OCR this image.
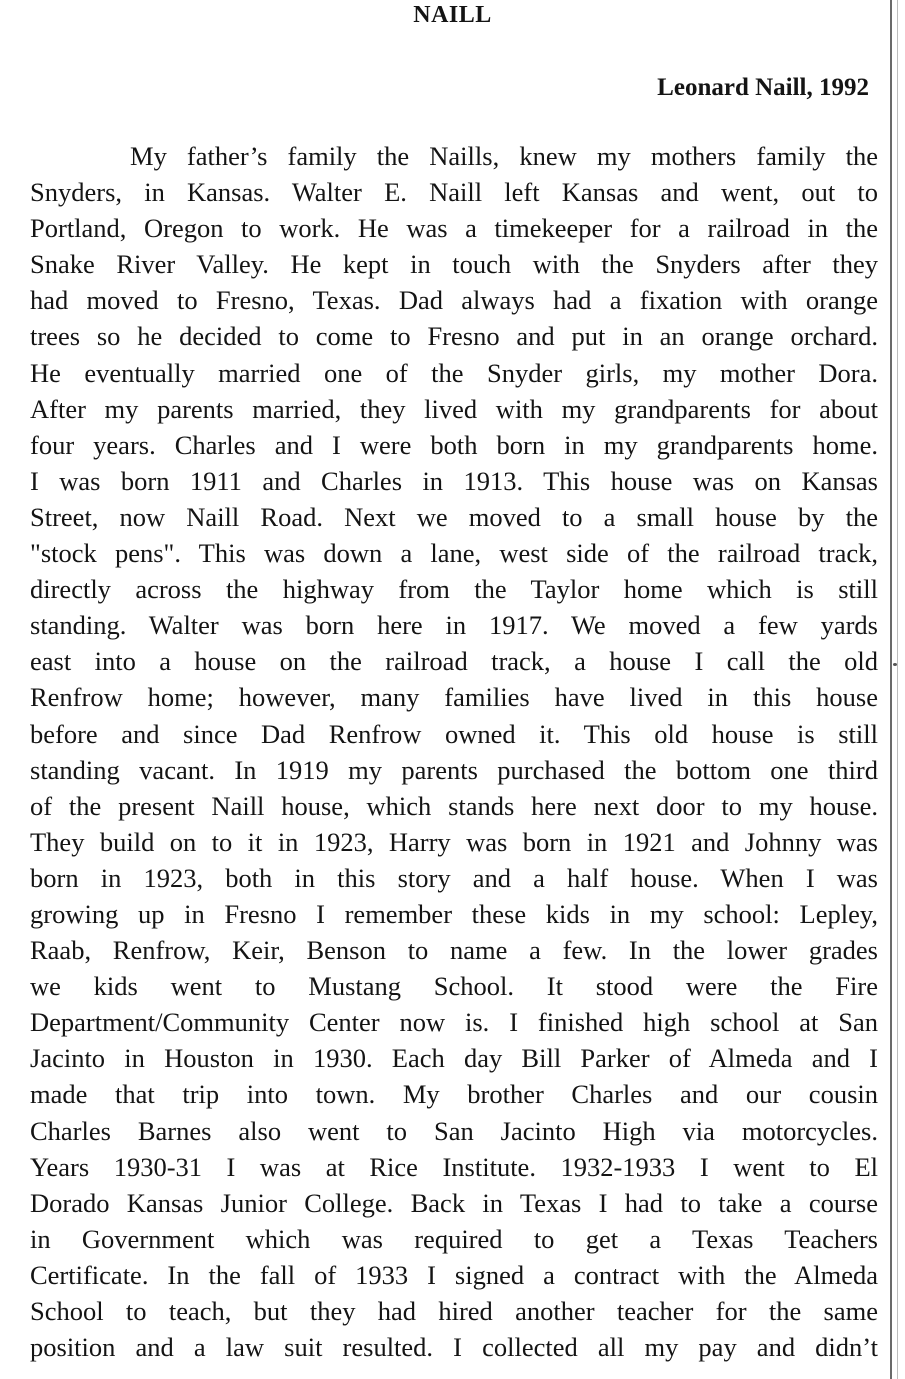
NAILL
Leonard Naill, 1992
My father’s family the Naills, knew my mothers family the
Snyders, in Kansas. Walter E. Naill left Kansas and went, out to
Portland, Oregon to work. He was a timekeeper for a railroad in the
Snake River Valley. He kept in touch with the Snyders after they
had moved to Fresno, Texas. Dad always had a fixation with orange
trees so he decided to come to Fresno and put in an orange orchard.
He eventually married one of the Snyder girls, my mother Dora.
After my parents married, they lived with my grandparents for about
four years. Charles and I were both born in my grandparents home.
I was born 1911 and Charles in 1913. This house was on Kansas
Street, now Naill Road. Next we moved to a small house by the
"stock pens". This was down a lane, west side of the railroad track,
directly across the highway from the Taylor home which is still
standing. Walter was born here in 1917. We moved a few yards
east into a house on the railroad track, a house I call the old
Renfrow home; however, many families have lived in this house
before and since Dad Renfrow owned it. This old house is still
standing vacant. In 1919 my parents purchased the bottom one third
of the present Naill house, which stands here next door to my house.
They build on to it in 1923, Harry was born in 1921 and Johnny was
born in 1923, both in this story and a half house. When I was
growing up in Fresno I remember these kids in my school: Lepley,
Raab, Renfrow, Keir, Benson to name a few. In the lower grades
we kids went to Mustang School. It stood were the Fire
Department/Community Center now is. I finished high school at San
Jacinto in Houston in 1930. Each day Bill Parker of Almeda and I
made that trip into town. My brother Charles and our cousin
Charles Barnes also went to San Jacinto High via motorcycles.
Years 1930-31 I was at Rice Institute. 1932-1933 I went to El
Dorado Kansas Junior College. Back in Texas I had to take a course
in Government which was required to get a Texas Teachers
Certificate. In the fall of 1933 I signed a contract with the Almeda
School to teach, but they had hired another teacher for the same
position and a law suit resulted. I collected all my pay and didn’t
